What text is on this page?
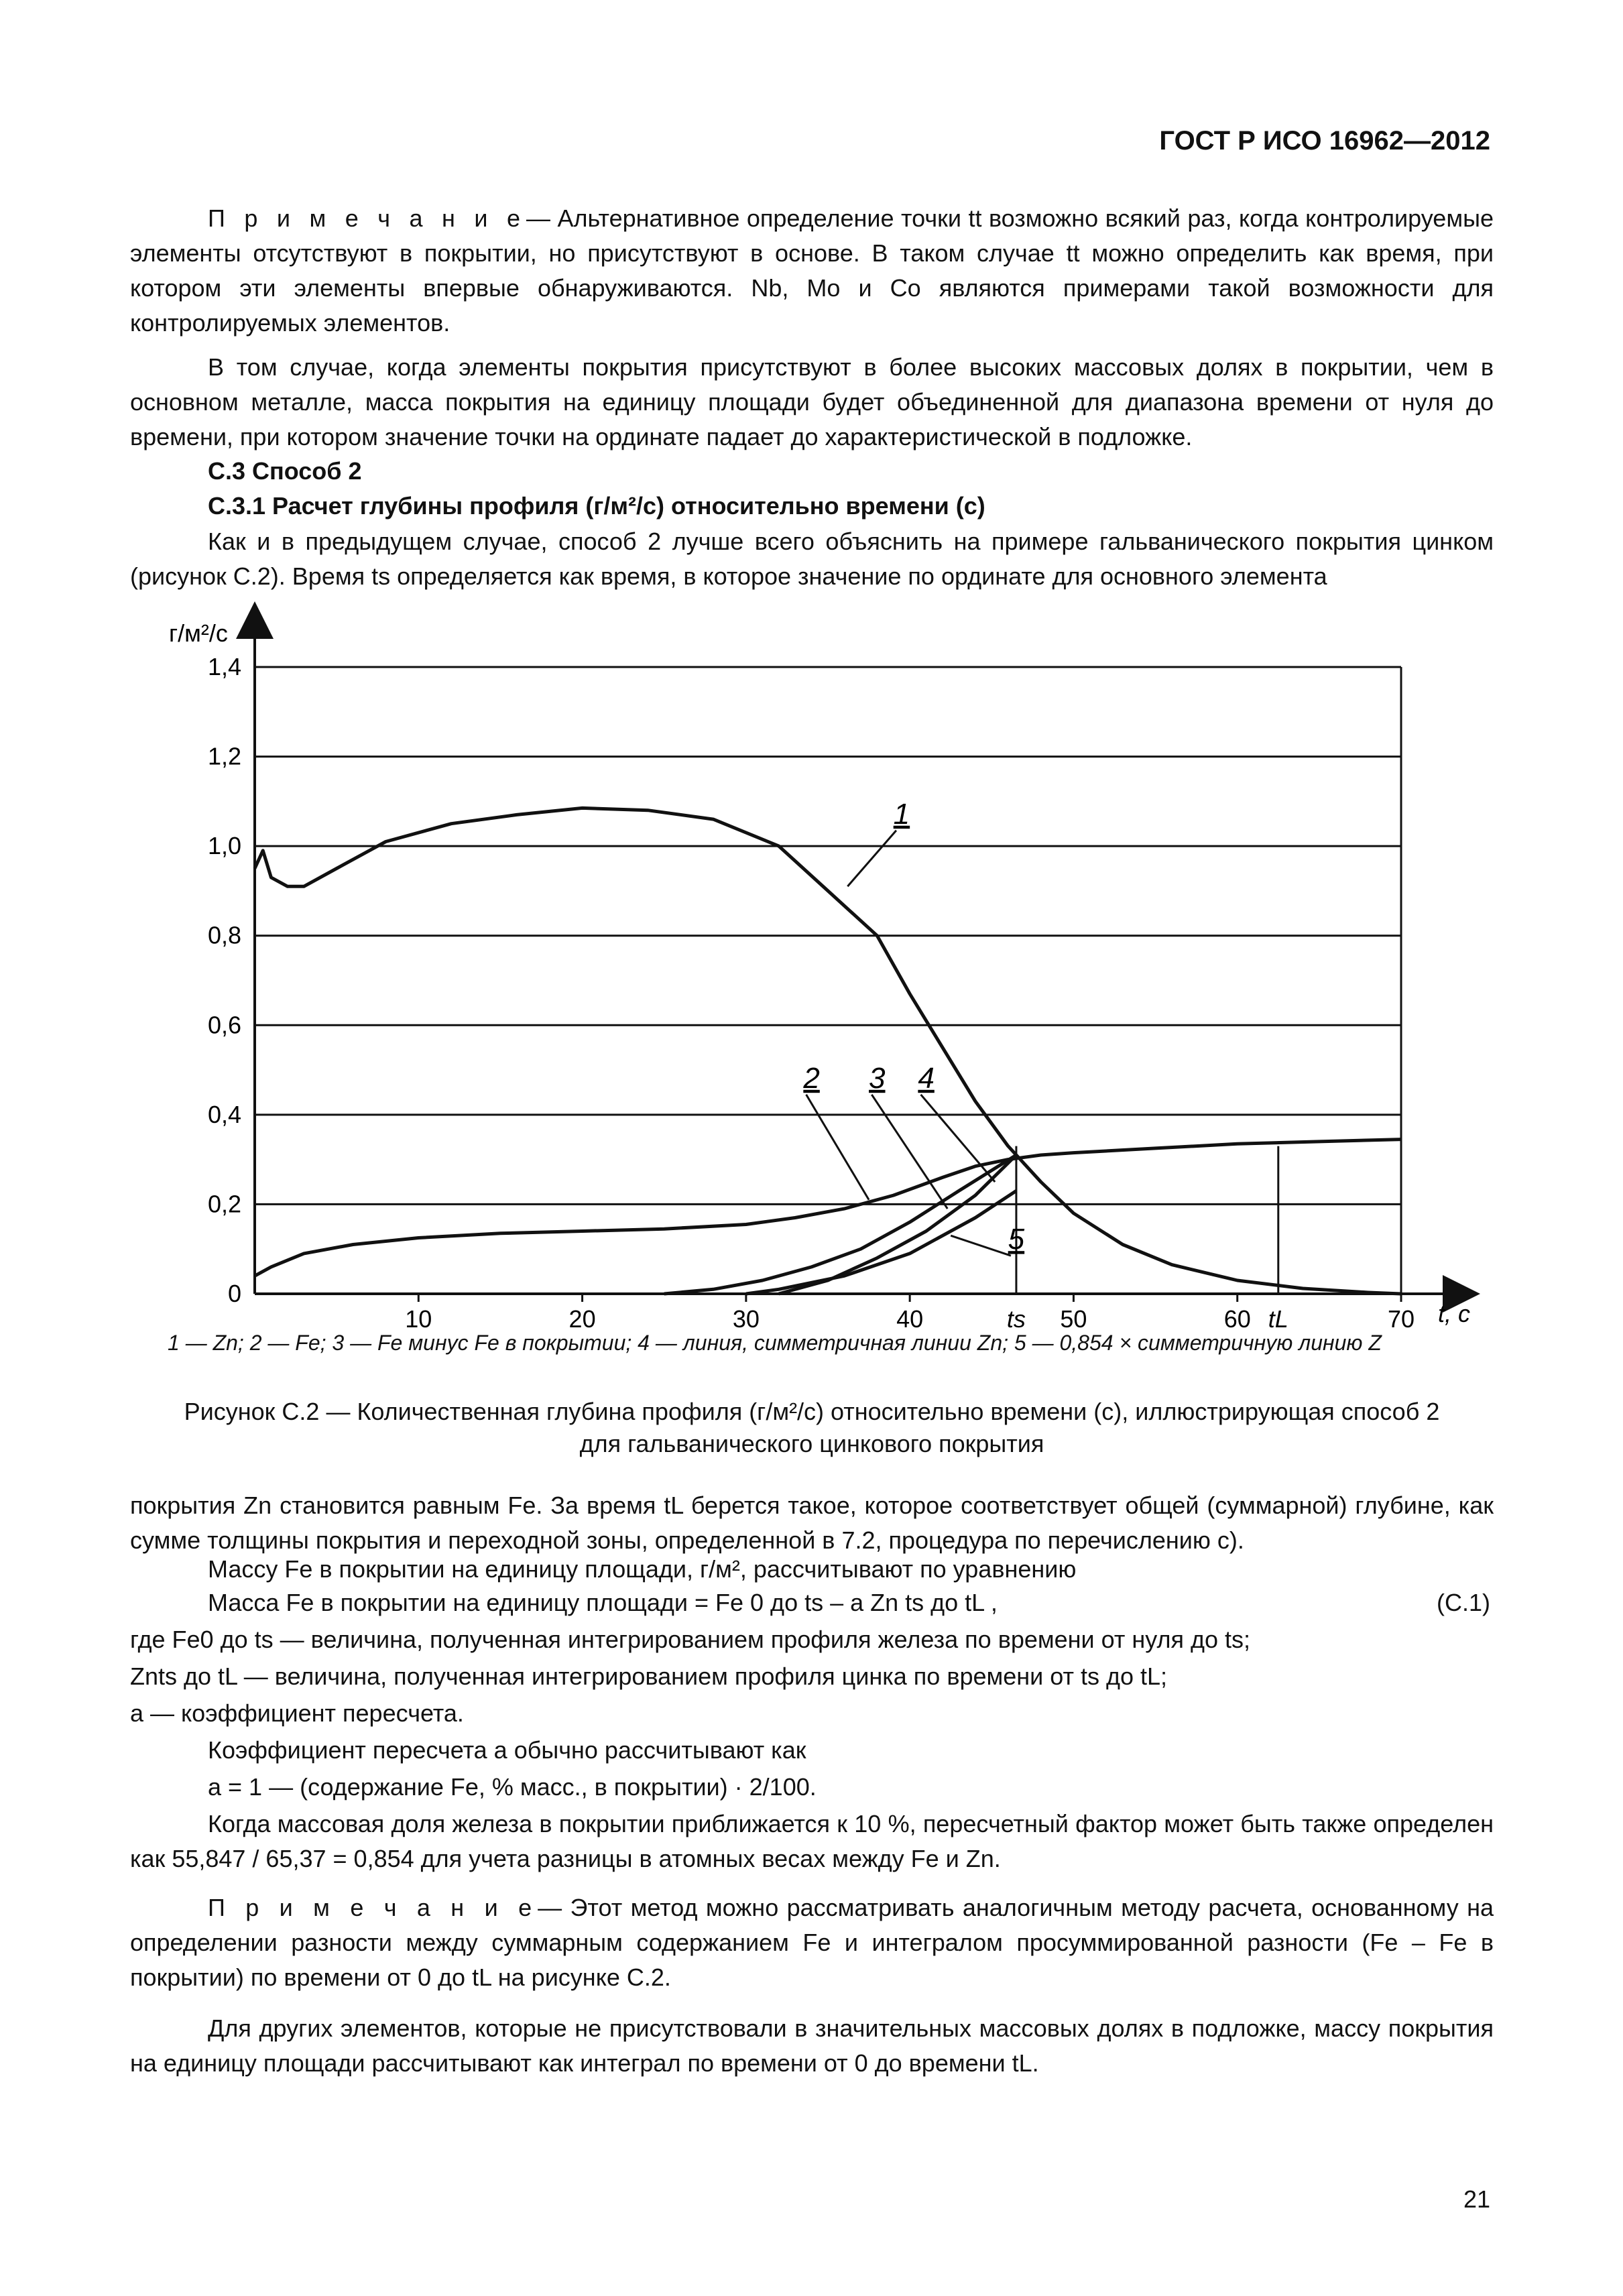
ГОСТ Р ИСО 16962—2012
П р и м е ч а н и е— Альтернативное определение точки tt возможно всякий раз, когда контролируемые элементы отсутствуют в покрытии, но присутствуют в основе. В таком случае tt можно определить как время, при котором эти элементы впервые обнаруживаются. Nb, Mo и Co являются примерами такой возможности для контролируемых элементов.
В том случае, когда элементы покрытия присутствуют в более высоких массовых долях в покрытии, чем в основном металле, масса покрытия на единицу площади будет объединенной для диапазона времени от нуля до времени, при котором значение точки на ординате падает до характеристической в подложке.
С.3 Способ 2
С.3.1 Расчет глубины профиля (г/м²/с) относительно времени (с)
Как и в предыдущем случае, способ 2 лучше всего объяснить на примере гальванического покрытия цинком (рисунок С.2). Время ts определяется как время, в которое значение по ординате для основного элемента
0
0,2
0,4
0,6
0,8
1,0
1,2
1,4
10	20	30	40	50	60	70
ts	tL
1
2 3 4
5
г/м²/с
t, с
1 — Zn; 2 — Fe; 3 — Fe минус Fe в покрытии; 4 — линия, симметричная линии Zn; 5 — 0,854 × симметричную линию Z
Рисунок С.2 — Количественная глубина профиля (г/м²/с) относительно времени (с), иллюстрирующая способ 2
для гальванического цинкового покрытия
покрытия Zn становится равным Fe. За время tL берется такое, которое соответствует общей (суммарной) глубине, как сумме толщины покрытия и переходной зоны, определенной в 7.2, процедура по перечислению c).
Массу Fe в покрытии на единицу площади, г/м², рассчитывают по уравнению
Масса Fe в покрытии на единицу площади = Fe 0 до ts – a Zn ts до tL ,	(С.1)
где Fe0 до ts — величина, полученная интегрированием профиля железа по времени от нуля до ts;
Znts до tL — величина, полученная интегрированием профиля цинка по времени от ts до tL;
a — коэффициент пересчета.
Коэффициент пересчета a обычно рассчитывают как
a = 1 — (содержание Fe, % масс., в покрытии) · 2/100.
Когда массовая доля железа в покрытии приближается к 10 %, пересчетный фактор может быть также определен как 55,847 / 65,37 = 0,854 для учета разницы в атомных весах между Fe и Zn.
П р и м е ч а н и е— Этот метод можно рассматривать аналогичным методу расчета, основанному на определении разности между суммарным содержанием Fe и интегралом просуммированной разности (Fe – Fe в покрытии) по времени от 0 до tL на рисунке С.2.
Для других элементов, которые не присутствовали в значительных массовых долях в подложке, массу покрытия на единицу площади рассчитывают как интеграл по времени от 0 до времени tL.
21
